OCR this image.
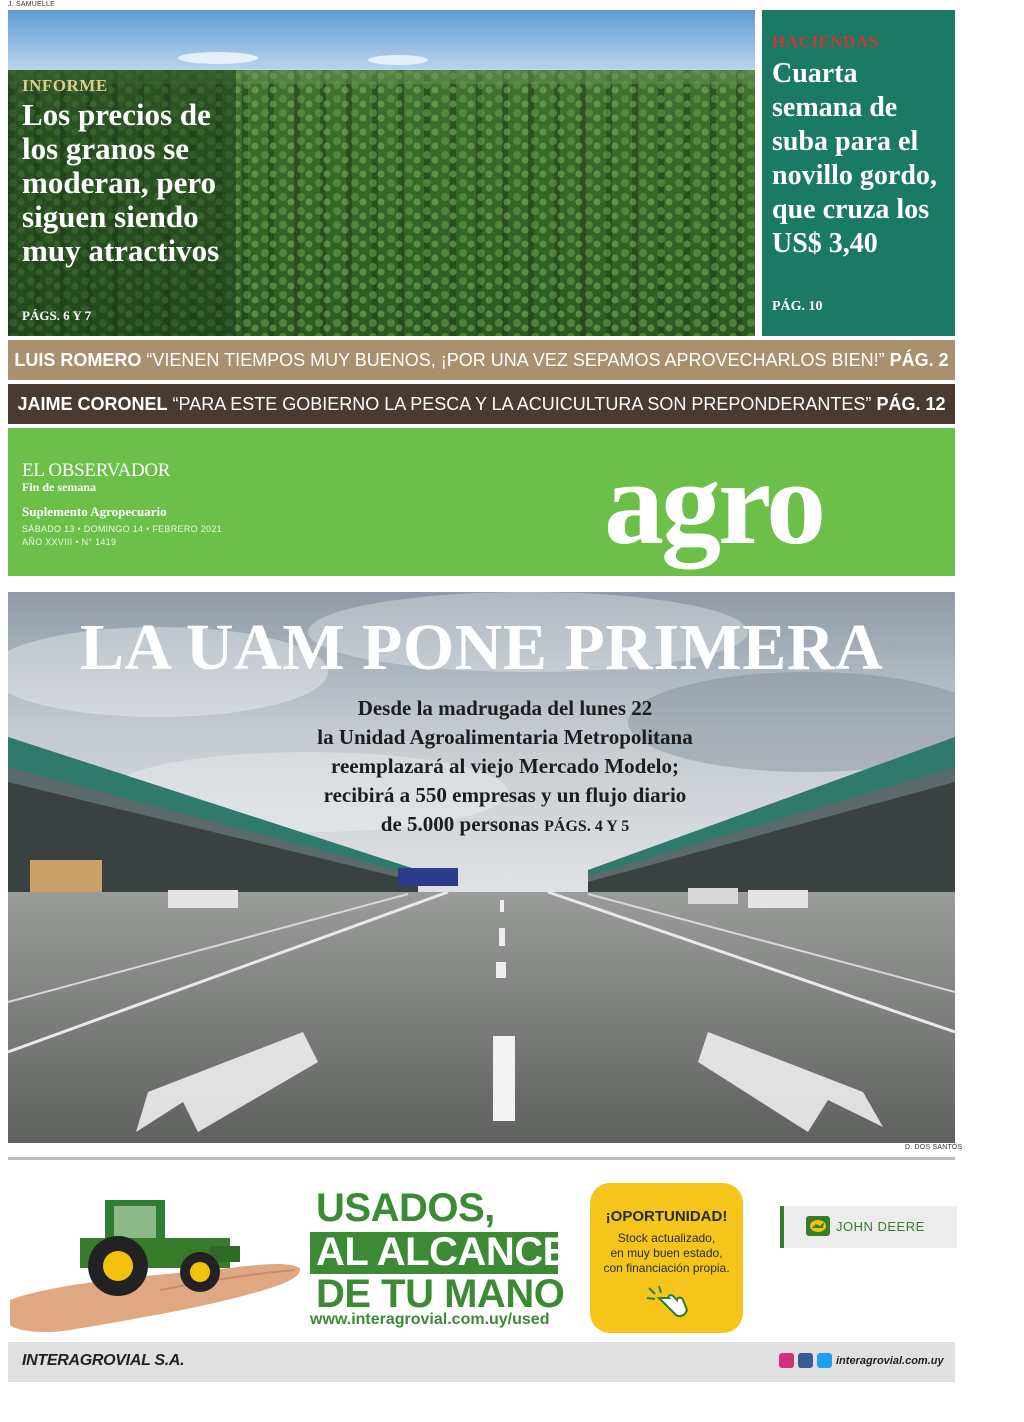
J. SAMUELLE
INFORME
Los precios de los granos se moderan, pero siguen siendo muy atractivos
PÁGS. 6 Y 7
HACIENDAS
Cuarta semana de suba para el novillo gordo, que cruza los US$ 3,40
PÁG. 10
LUIS ROMERO
“VIENEN TIEMPOS MUY BUENOS, ¡POR UNA VEZ SEPAMOS APROVECHARLOS BIEN!”
PÁG. 2
JAIME CORONEL
“PARA ESTE GOBIERNO LA PESCA Y LA ACUICULTURA SON PREPONDERANTES”
PÁG. 12
EL OBSERVADOR
Fin de semana
Suplemento Agropecuario
SÁBADO 13 • DOMINGO 14 • FEBRERO 2021
AÑO XXVIII • N° 1419	agro
LA UAM PONE PRIMERA
Desde la madrugada del lunes 22
la Unidad Agroalimentaria Metropolitana
reemplazará al viejo Mercado Modelo;
recibirá a 550 empresas y un flujo diario
de 5.000 personas PÁGS. 4 Y 5
D. DOS SANTOS
USADOS,
AL ALCANCE
DE TU MANO
www.interagrovial.com.uy/used
¡OPORTUNIDAD!
Stock actualizado,
en muy buen estado,
con financiación propia.
JOHN DEERE
INTERAGROVIAL S.A.	interagrovial.com.uy
